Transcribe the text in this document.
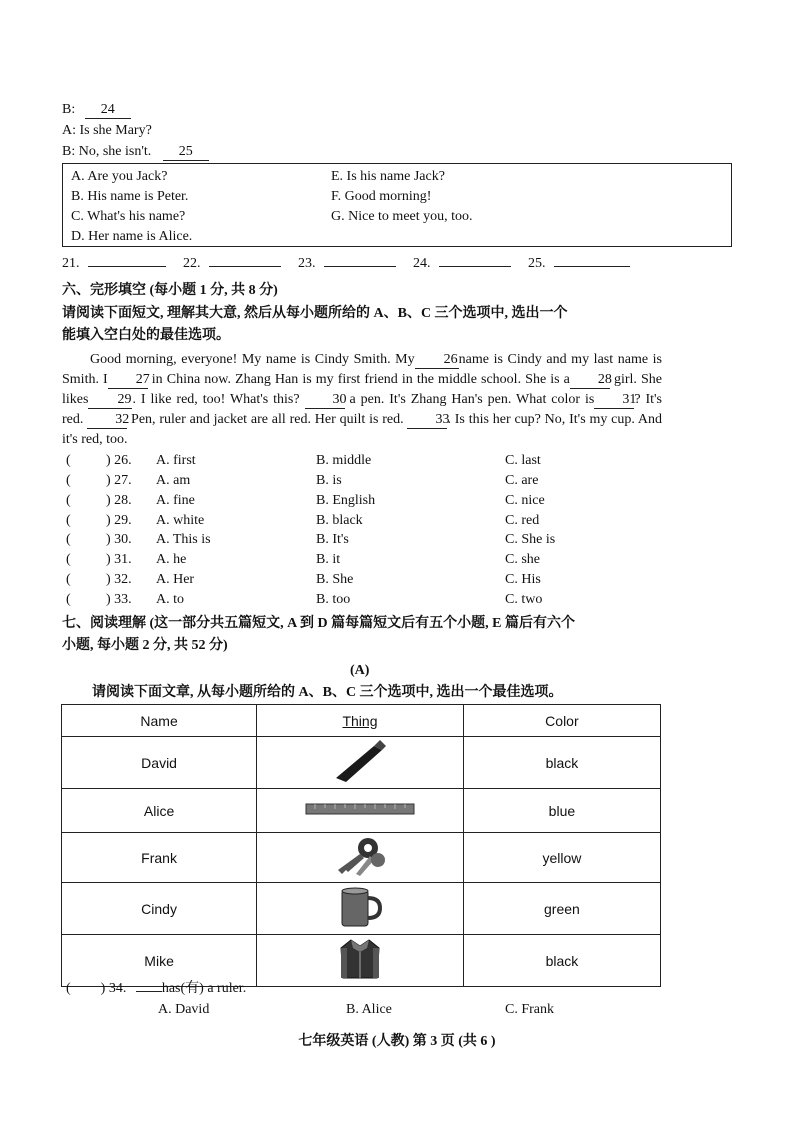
B: 24
A: Is she Mary?
B: No, she isn't. 25
A. Are you Jack?
B. His name is Peter.
C. What's his name?
D. Her name is Alice.
E. Is his name Jack?
F. Good morning!
G. Nice to meet you, too.
21.	22.	23.	24.	25.
六、完形填空 (每小题 1 分, 共 8 分)
请阅读下面短文, 理解其大意, 然后从每小题所给的 A、B、C 三个选项中, 选出一个
能填入空白处的最佳选项。
Good morning, everyone! My name is Cindy Smith. My 26name is Cindy and my last name is Smith. I 27 in China now. Zhang Han is my first friend in the middle school. She is a 28 girl. She likes 29. I like red, too! What's this? 30 a pen. It's Zhang Han's pen. What color is 31? It's red. 32 Pen, ruler and jacket are all red. Her quilt is red. 33. Is this her cup? No, It's my cup. And it's red, too.
(	) 26. A. first	B. middle	C. last
(	) 27. A. am	B. is	C. are
(	) 28. A. fine	B. English	C. nice
(	) 29. A. white	B. black	C. red
(	) 30. A. This is	B. It's	C. She is
(	) 31. A. he	B. it	C. she
(	) 32. A. Her	B. She	C. His
(	) 33. A. to	B. too	C. two
七、阅读理解 (这一部分共五篇短文, A 到 D 篇每篇短文后有五个小题, E 篇后有六个
小题, 每小题 2 分, 共 52 分)
(A)
请阅读下面文章, 从每小题所给的 A、B、C 三个选项中, 选出一个最佳选项。
Name	Thing	Color
David		black
Alice		blue
Frank		yellow
Cindy		green
Mike		black
( ) 34.	has(有) a ruler.
A. David	B. Alice	C. Frank
七年级英语 (人教) 第 3 页 (共 6 )
